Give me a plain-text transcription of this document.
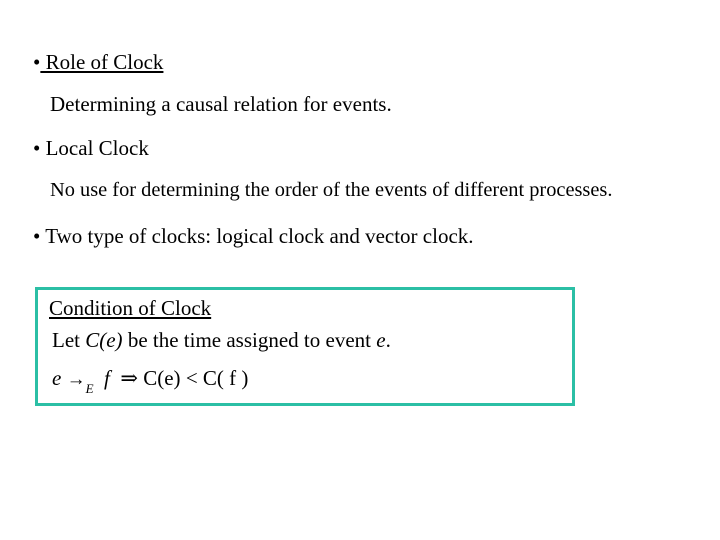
• Role of Clock
Determining a causal relation for events.
• Local Clock
No use for determining the order of the events of different processes.
• Two type of clocks: logical clock and vector clock.
Condition of Clock
Let C(e) be the time assigned to event e.
$e \to_E$ f ⇒ C(e) < C( f )
